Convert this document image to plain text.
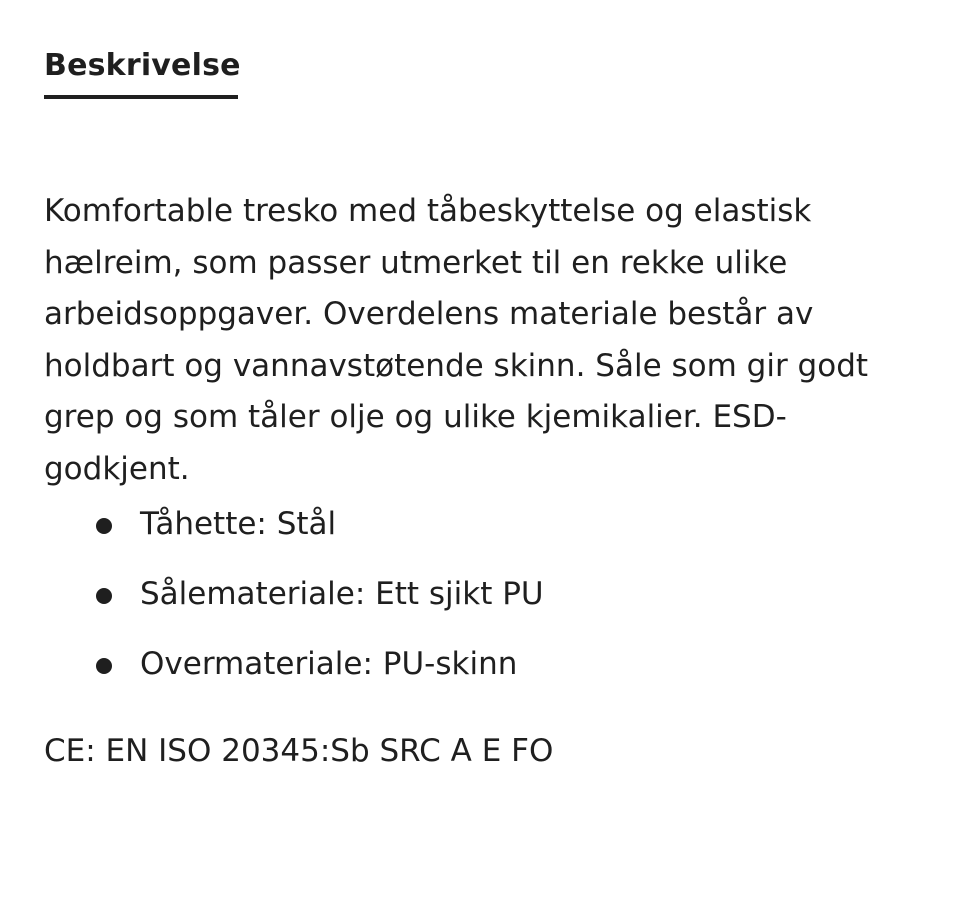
Beskrivelse

Komfortable tresko med tåbeskyttelse og elastisk hælreim, som passer utmerket til en rekke ulike arbeidsoppgaver. Overdelens materiale består av holdbart og vannavstøtende skinn. Såle som gir godt grep og som tåler olje og ulike kjemikalier. ESD-godkjent.

Tåhette: Stål
Sålemateriale: Ett sjikt PU
Overmateriale: PU-skinn

CE: EN ISO 20345:Sb SRC A E FO
